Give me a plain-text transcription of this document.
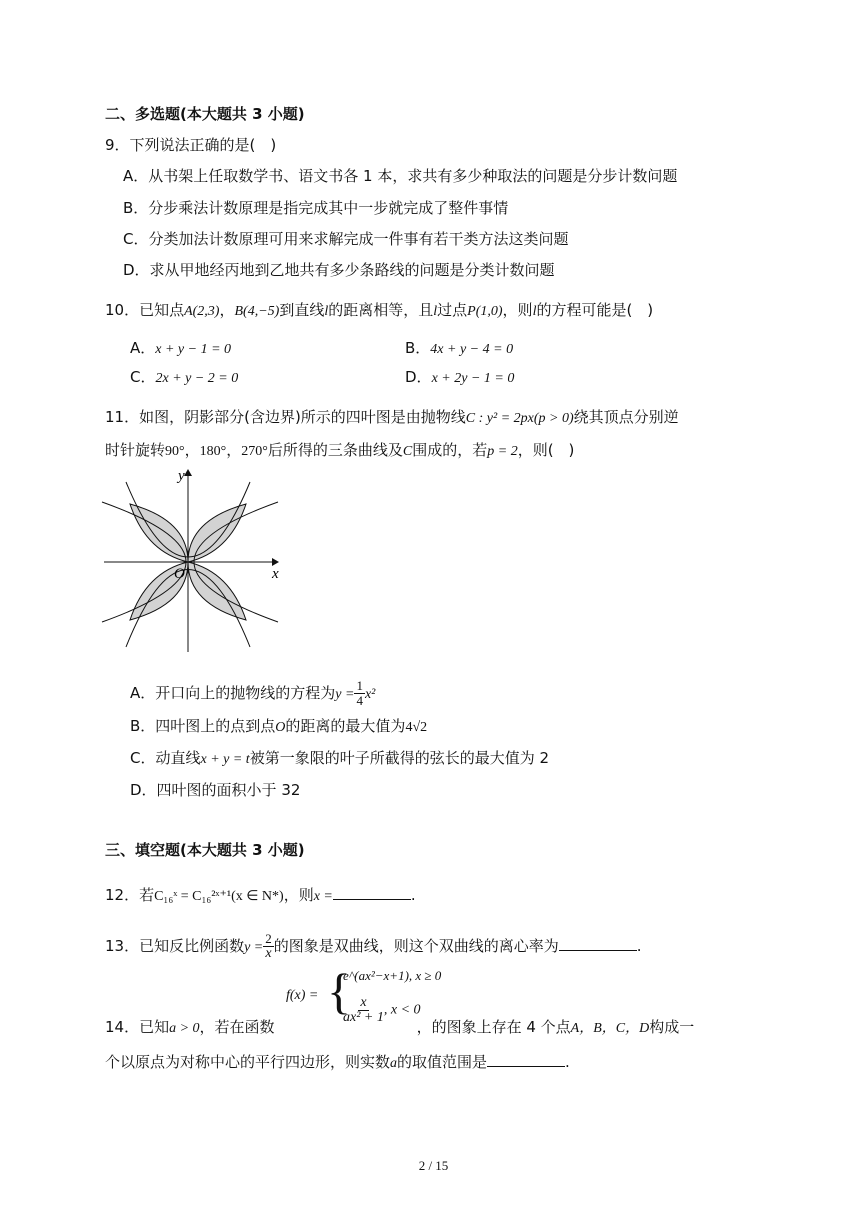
二、多选题(本大题共 3 小题)
9．下列说法正确的是(　)
A．从书架上任取数学书、语文书各 1 本，求共有多少种取法的问题是分步计数问题
B．分步乘法计数原理是指完成其中一步就完成了整件事情
C．分类加法计数原理可用来求解完成一件事有若干类方法这类问题
D．求从甲地经丙地到乙地共有多少条路线的问题是分类计数问题
10．已知点A(2,3)，B(4,−5)到直线l的距离相等，且l过点P(1,0)，则l的方程可能是(　)
A．x + y − 1 = 0	B．4x + y − 4 = 0
C．2x + y − 2 = 0	D．x + 2y − 1 = 0
11．如图，阴影部分(含边界)所示的四叶图是由抛物线C : y² = 2px(p > 0)绕其顶点分别逆
时针旋转90°，180°，270°后所得的三条曲线及C围成的，若p = 2，则(　)
y
x
O
A．开口向上的抛物线的方程为$y = \frac{1}{4} x^2$
B．四叶图上的点到点O的距离的最大值为4√2
C．动直线x + y = t被第一象限的叶子所截得的弦长的最大值为 2
D．四叶图的面积小于 32
三、填空题(本大题共 3 小题)
12．若C₁₆ˣ = C₁₆²ˣ⁺¹(x ∈ N*)，则x =	.
13．已知反比例函数$y = \frac{2}{x}$ 的图象是双曲线，则这个双曲线的离心率为	.
f(x) = {
e^(ax²−x+1), x ≥ 0
$\frac{x}{\text{ax² + 1}}$ , x < 0
14．已知a > 0，若在函数	，的图象上存在 4 个点A，B，C，D构成一
个以原点为对称中心的平行四边形，则实数a的取值范围是	.
2 / 15
